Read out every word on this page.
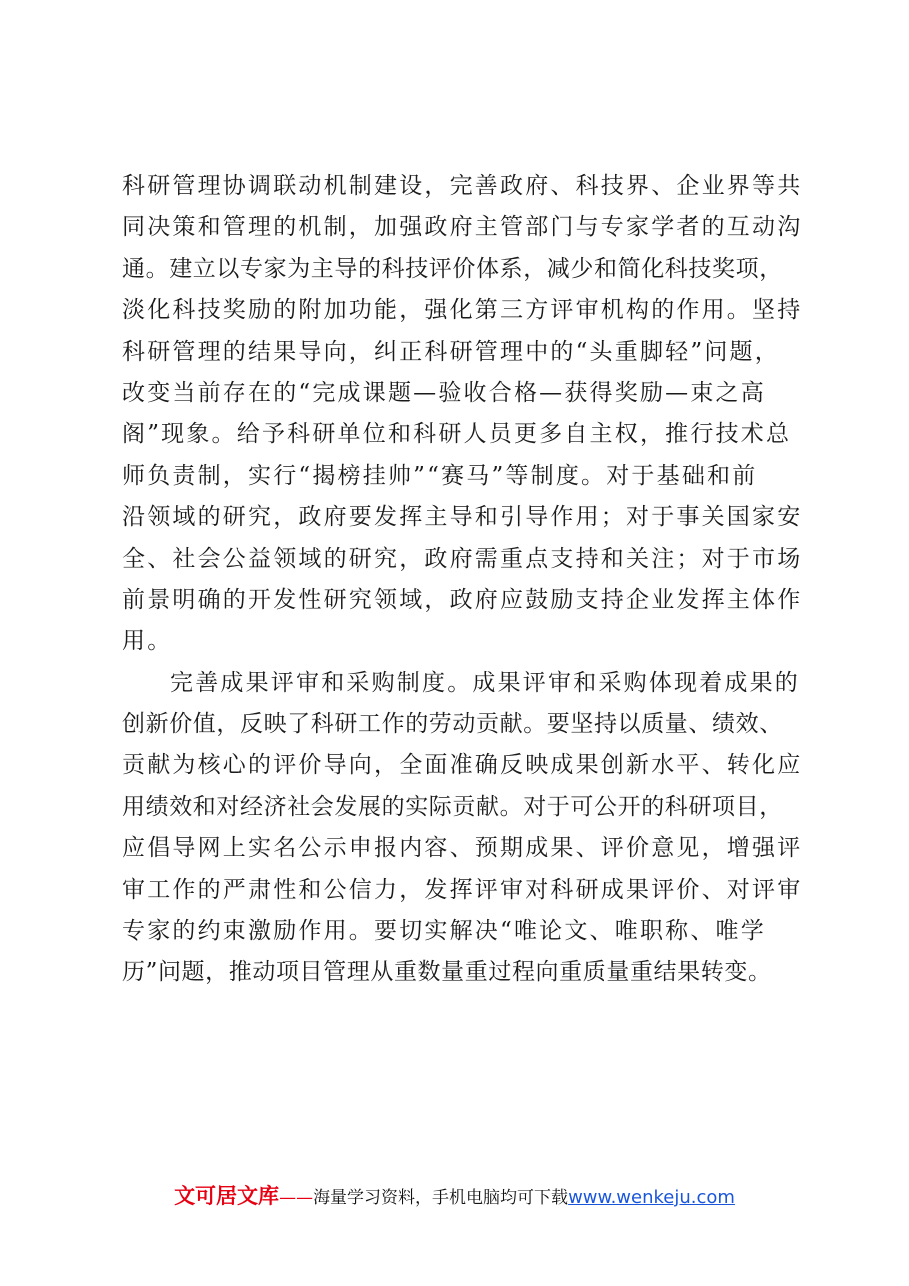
科研管理协调联动机制建设，完善政府、科技界、企业界等共
同决策和管理的机制，加强政府主管部门与专家学者的互动沟
通。建立以专家为主导的科技评价体系，减少和简化科技奖项，
淡化科技奖励的附加功能，强化第三方评审机构的作用。坚持
科研管理的结果导向，纠正科研管理中的“头重脚轻”问题，
改变当前存在的“完成课题—验收合格—获得奖励—束之高
阁”现象。给予科研单位和科研人员更多自主权，推行技术总
师负责制，实行“揭榜挂帅”“赛马”等制度。对于基础和前
沿领域的研究，政府要发挥主导和引导作用；对于事关国家安
全、社会公益领域的研究，政府需重点支持和关注；对于市场
前景明确的开发性研究领域，政府应鼓励支持企业发挥主体作
用。
完善成果评审和采购制度。成果评审和采购体现着成果的
创新价值，反映了科研工作的劳动贡献。要坚持以质量、绩效、
贡献为核心的评价导向，全面准确反映成果创新水平、转化应
用绩效和对经济社会发展的实际贡献。对于可公开的科研项目，
应倡导网上实名公示申报内容、预期成果、评价意见，增强评
审工作的严肃性和公信力，发挥评审对科研成果评价、对评审
专家的约束激励作用。要切实解决“唯论文、唯职称、唯学
历”问题，推动项目管理从重数量重过程向重质量重结果转变。
文可居文库——海量学习资料，手机电脑均可下载www.wenkeju.com
